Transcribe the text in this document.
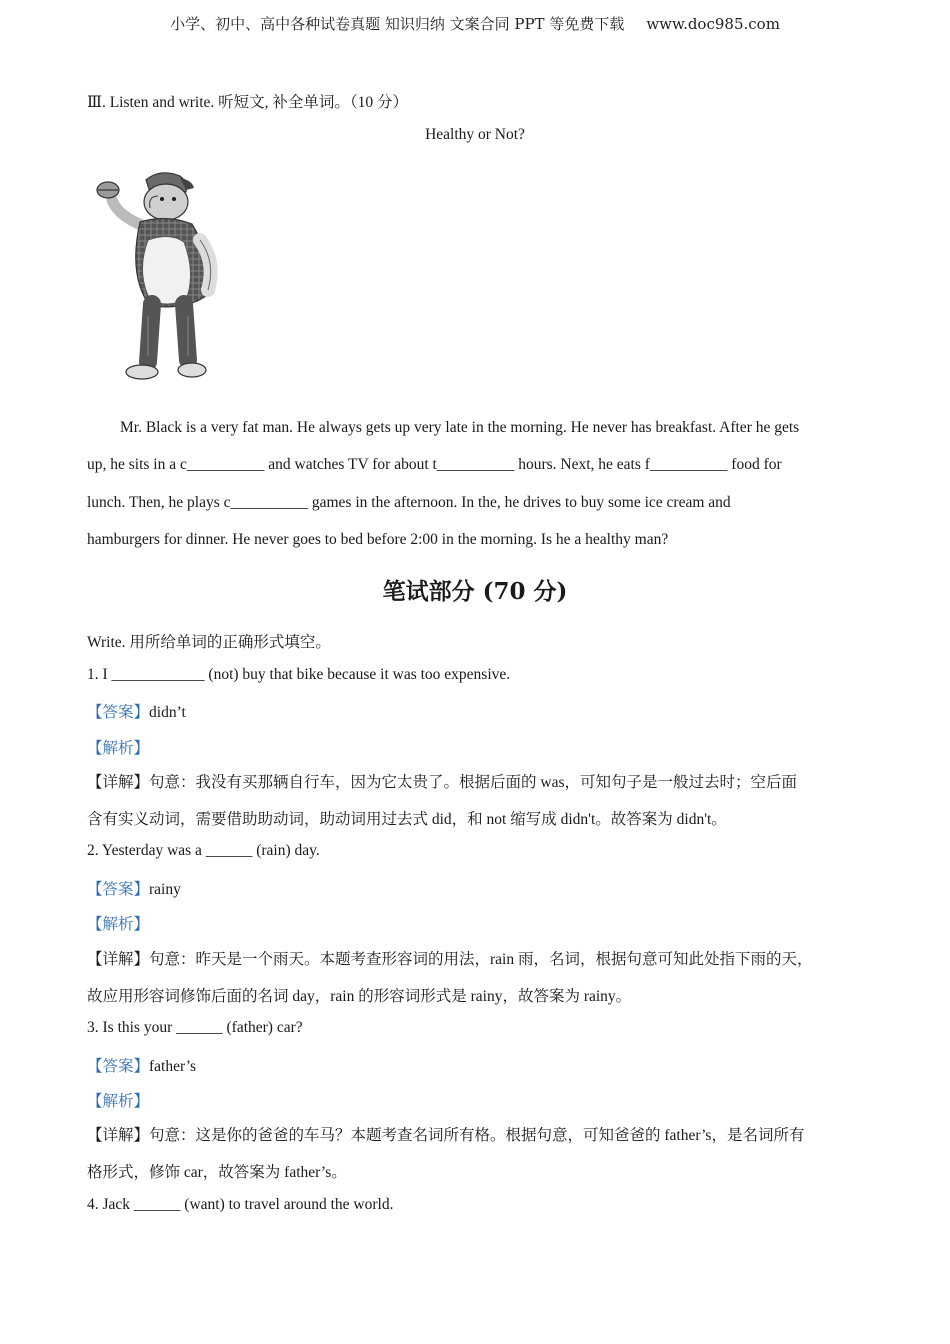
小学、初中、高中各种试卷真题 知识归纳 文案合同 PPT 等免费下载 www.doc985.com
Ⅲ. Listen and write. 听短文, 补全单词。（10 分）
Healthy or Not?
Mr. Black is a very fat man. He always gets up very late in the morning. He never has breakfast. After he gets
up, he sits in a c__________ and watches TV for about t__________ hours. Next, he eats f__________ food for
lunch. Then, he plays c__________ games in the afternoon. In the, he drives to buy some ice cream and
hamburgers for dinner. He never goes to bed before 2:00 in the morning. Is he a healthy man?
笔试部分 (70 分)
Write. 用所给单词的正确形式填空。
1. I ____________ (not) buy that bike because it was too expensive.
【答案】didn’t
【解析】
【详解】句意：我没有买那辆自行车，因为它太贵了。根据后面的 was，可知句子是一般过去时；空后面
含有实义动词，需要借助助动词，助动词用过去式 did，和 not 缩写成 didn't。故答案为 didn't。
2. Yesterday was a ______ (rain) day.
【答案】rainy
【解析】
【详解】句意：昨天是一个雨天。本题考查形容词的用法，rain 雨，名词，根据句意可知此处指下雨的天，
故应用形容词修饰后面的名词 day，rain 的形容词形式是 rainy，故答案为 rainy。
3. Is this your ______ (father) car?
【答案】father’s
【解析】
【详解】句意：这是你的爸爸的车马？本题考查名词所有格。根据句意，可知爸爸的 father’s，是名词所有
格形式，修饰 car，故答案为 father’s。
4. Jack ______ (want) to travel around the world.
